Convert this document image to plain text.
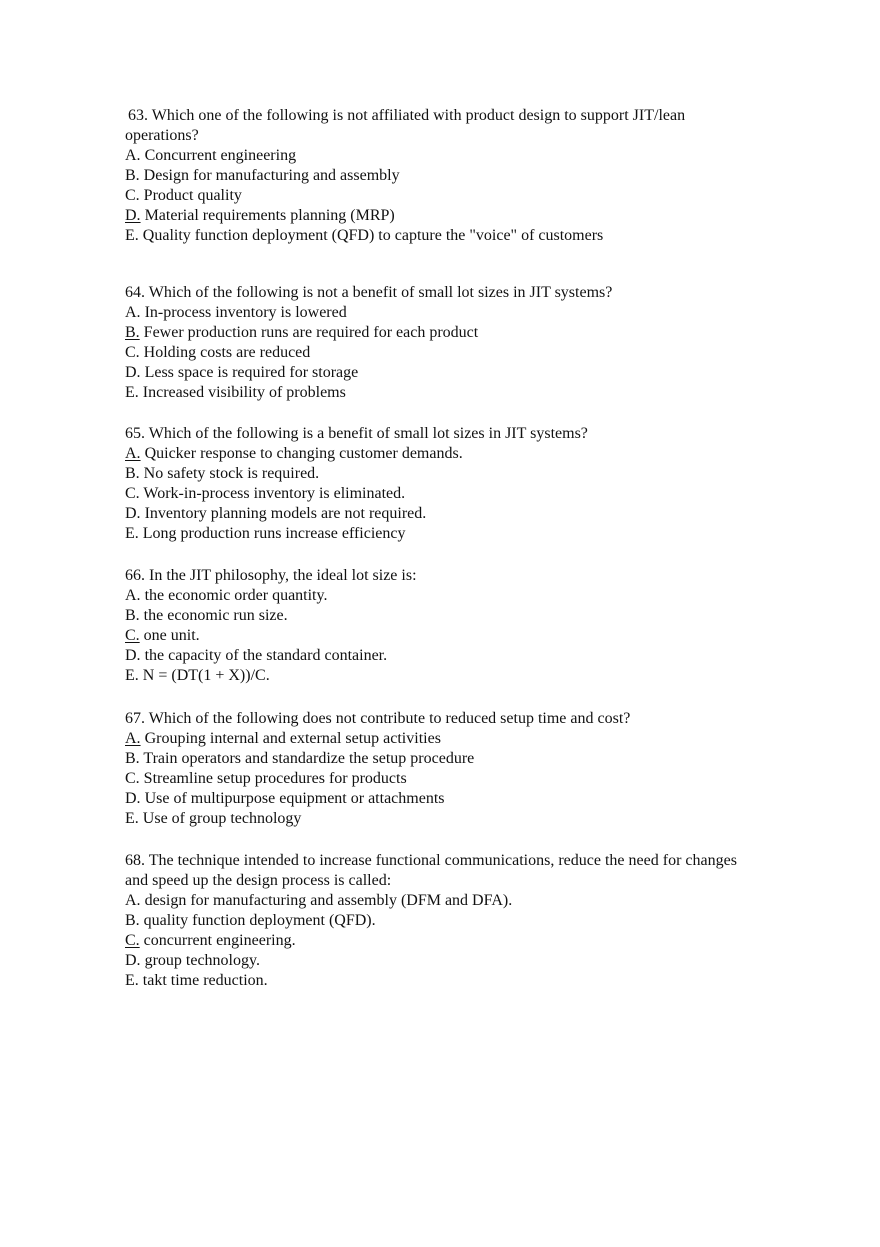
63. Which one of the following is not affiliated with product design to support JIT/lean operations?
A. Concurrent engineering
B. Design for manufacturing and assembly
C. Product quality
D. Material requirements planning (MRP)
E. Quality function deployment (QFD) to capture the "voice" of customers
64. Which of the following is not a benefit of small lot sizes in JIT systems?
A. In-process inventory is lowered
B. Fewer production runs are required for each product
C. Holding costs are reduced
D. Less space is required for storage
E. Increased visibility of problems
65. Which of the following is a benefit of small lot sizes in JIT systems?
A. Quicker response to changing customer demands.
B. No safety stock is required.
C. Work-in-process inventory is eliminated.
D. Inventory planning models are not required.
E. Long production runs increase efficiency
66. In the JIT philosophy, the ideal lot size is:
A. the economic order quantity.
B. the economic run size.
C. one unit.
D. the capacity of the standard container.
E. N = (DT(1 + X))/C.
67. Which of the following does not contribute to reduced setup time and cost?
A. Grouping internal and external setup activities
B. Train operators and standardize the setup procedure
C. Streamline setup procedures for products
D. Use of multipurpose equipment or attachments
E. Use of group technology
68. The technique intended to increase functional communications, reduce the need for changes and speed up the design process is called:
A. design for manufacturing and assembly (DFM and DFA).
B. quality function deployment (QFD).
C. concurrent engineering.
D. group technology.
E. takt time reduction.
